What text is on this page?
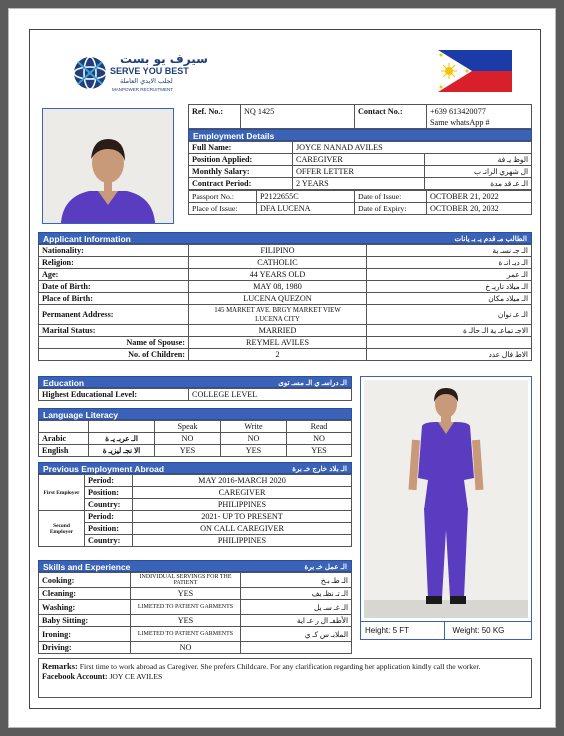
سيرف يو بست
SERVE YOU BEST
لجلب الايدي العاملة
MANPOWER RECRUITMENT
Ref. No.:	NQ 1425	Contact No.:	+639 613420077
Same whatsApp #
Employment Details
Full Name:	JOYCE NANAD AVILES	
Position Applied:	CAREGIVER	الوظ يـ فة
Monthly Salary:	OFFER LETTER	ال شهري الراتـ ب
Contract Period:	2 YEARS	الـ عـ قد مدة
Passport No.:	P2122655C	Date of Issue:	OCTOBER 21, 2022
Place of Issue:	DFA LUCENA	Date of Expiry:	OCTOBER 20, 2032
Applicant Information	الطالب مـ قدم يـ بـ يانات
Nationality:	FILIPINO	الـ جـ نسـ ية
Religion:	CATHOLIC	الـ ديـ انـ ة
Age:	44 YEARS OLD	الـ عمر
Date of Birth:	MAY 08, 1980	الـ ميلاد تاريـ خ
Place of Birth:	LUCENA QUEZON	الـ ميلاد مكان
Permanent Address:	145 MARKET AVE. BRGY MARKET VIEW
LUCENA CITY	الـ عـ نوان
Marital Status:	MARRIED	الاجـ تماعـ ية الـ حالـ ة
Name of Spouse:	REYMEL AVILES	
No. of Children:	2	الاط فال عدد
Education	الـ دراسـ ي الـ مسـ توى
Highest Educational Level:	COLLEGE LEVEL
Language Literacy
		Speak	Write	Read
Arabic	الـ عربـ يـ ة	NO	NO	NO
English	الا نجـ ليزيـ ة	YES	YES	YES
Previous Employment Abroad	الـ بلاد خارج خـ برة
First Employer	Period:	MAY 2016-MARCH 2020
	Position:	CAREGIVER
	Country:	PHILIPPINES
Second Employer	Period:	2021- UP TO PRESENT
	Position:	ON CALL CAREGIVER
	Country:	PHILIPPINES
Skills and Experience	الـ عمل خـ برة
Cooking:	INDIVIDUAL SERVINGS FOR THE PATIENT	الـ طـ بـخ
Cleaning:	YES	الـ تـ نظـ يف
Washing:	LIMETED TO PATIENT GARMENTS	الـ غـ سـ يل
Baby Sitting:	YES	الأطفـ ال ر عـ اية
Ironing:	LIMETED TO PATIENT GARMENTS	الملابـ س كـ ي
Driving:	NO	
Height: 5 FT	Weight: 50 KG
Remarks: First time to work abroad as Caregiver. She prefers Childcare. For any clarification regarding her application kindly call the worker.
Facebook Account: JOY CE AVILES
